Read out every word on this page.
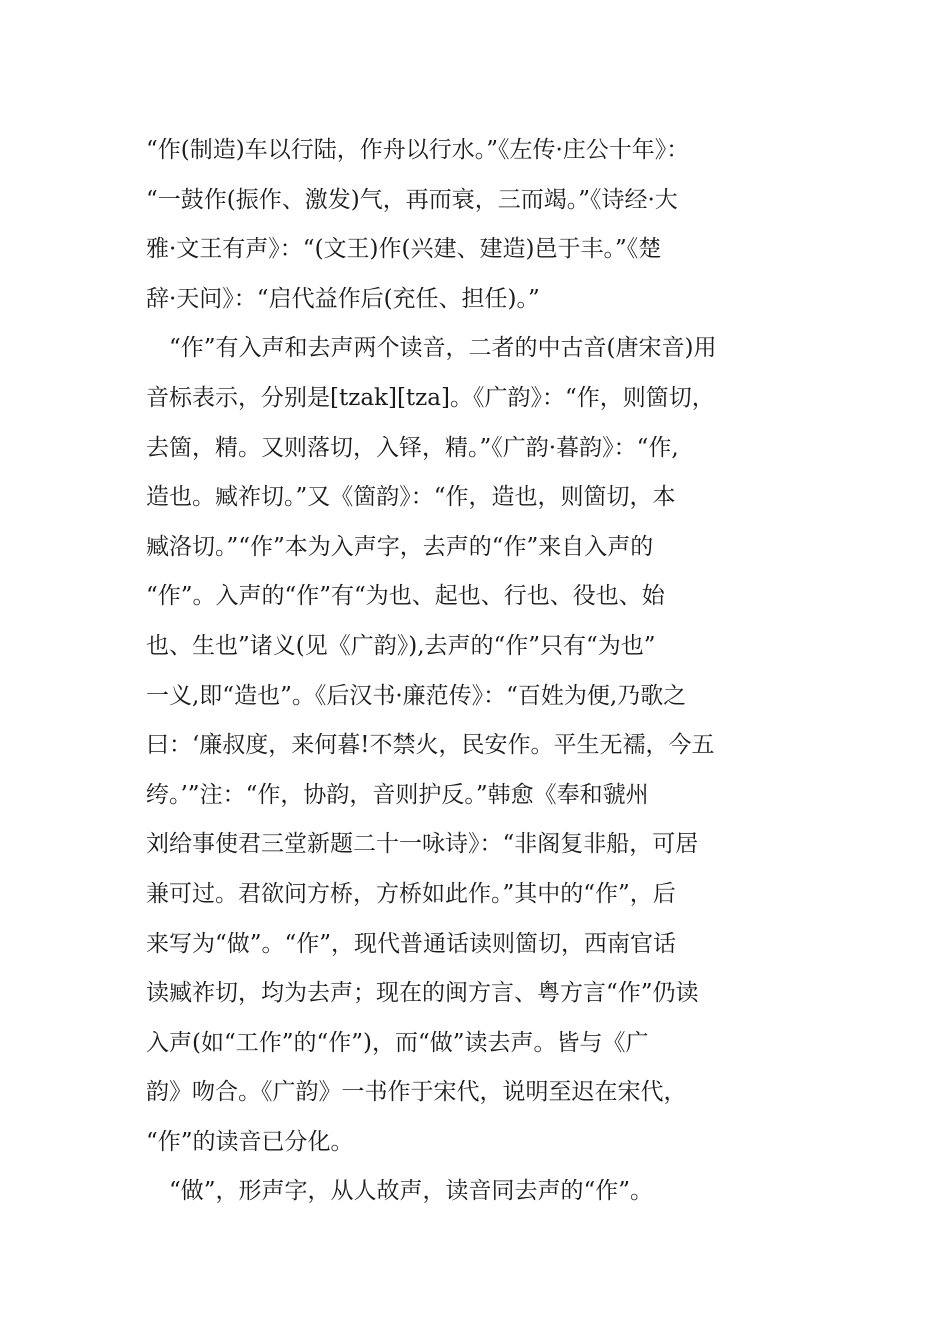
“作(制造)车以行陆，作舟以行水。”《左传·庄公十年》：
“一鼓作(振作、激发)气，再而衰，三而竭。”《诗经·大
雅·文王有声》：“(文王)作(兴建、建造)邑于丰。”《楚
辞·天问》：“启代益作后(充任、担任)。”
　“作”有入声和去声两个读音，二者的中古音(唐宋音)用
音标表示，分别是[tzak][tza]。《广韵》：“作，则箇切，
去箇，精。又则落切，入铎，精。”《广韵·暮韵》：“作,
造也。臧祚切。”又《箇韵》：“作，造也，则箇切，本
臧洛切。”“作”本为入声字，去声的“作”来自入声的
“作”。入声的“作”有“为也、起也、行也、役也、始
也、生也”诸义(见《广韵》),去声的“作”只有“为也”
一义,即“造也”。《后汉书·廉范传》：“百姓为便,乃歌之
曰：‘廉叔度，来何暮!不禁火，民安作。平生无襦，今五
绔。’”注：“作，协韵，音则护反。”韩愈《奉和虢州
刘给事使君三堂新题二十一咏诗》：“非阁复非船，可居
兼可过。君欲问方桥，方桥如此作。”其中的“作”，后
来写为“做”。“作”，现代普通话读则箇切，西南官话
读臧祚切，均为去声；现在的闽方言、粤方言“作”仍读
入声(如“工作”的“作”)，而“做”读去声。皆与《广
韵》吻合。《广韵》一书作于宋代，说明至迟在宋代，
“作”的读音已分化。
　“做”，形声字，从人故声，读音同去声的“作”。
